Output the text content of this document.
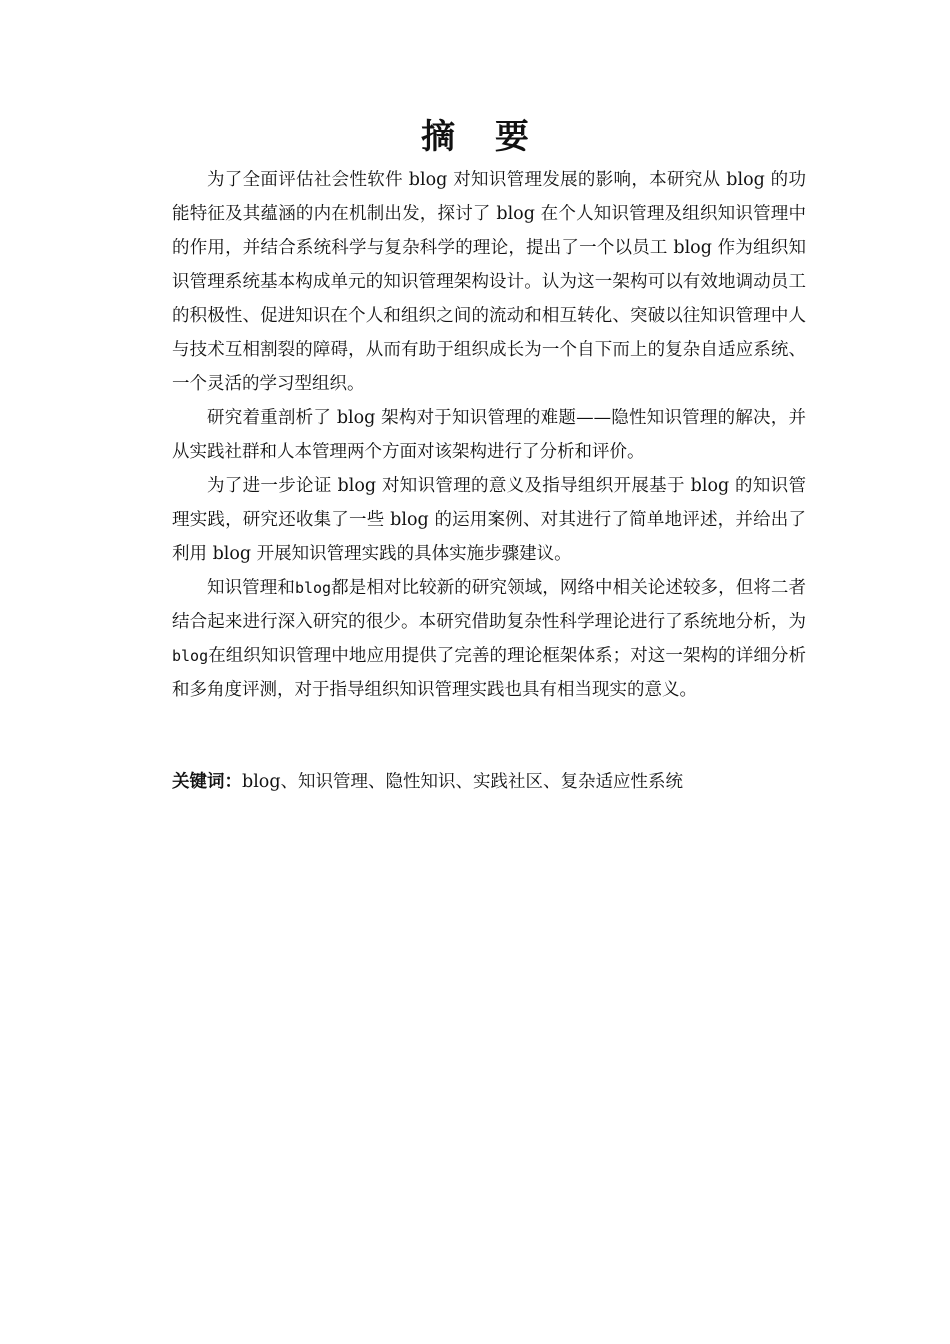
摘 要

为了全面评估社会性软件 blog 对知识管理发展的影响，本研究从 blog 的功能特征及其蕴涵的内在机制出发，探讨了 blog 在个人知识管理及组织知识管理中的作用，并结合系统科学与复杂科学的理论，提出了一个以员工 blog 作为组织知识管理系统基本构成单元的知识管理架构设计。认为这一架构可以有效地调动员工的积极性、促进知识在个人和组织之间的流动和相互转化、突破以往知识管理中人与技术互相割裂的障碍，从而有助于组织成长为一个自下而上的复杂自适应系统、一个灵活的学习型组织。

研究着重剖析了 blog 架构对于知识管理的难题——隐性知识管理的解决，并从实践社群和人本管理两个方面对该架构进行了分析和评价。

为了进一步论证 blog 对知识管理的意义及指导组织开展基于 blog 的知识管理实践，研究还收集了一些 blog 的运用案例、对其进行了简单地评述，并给出了利用 blog 开展知识管理实践的具体实施步骤建议。

知识管理和blog都是相对比较新的研究领域，网络中相关论述较多，但将二者结合起来进行深入研究的很少。本研究借助复杂性科学理论进行了系统地分析，为blog在组织知识管理中地应用提供了完善的理论框架体系；对这一架构的详细分析和多角度评测，对于指导组织知识管理实践也具有相当现实的意义。

关键词：blog、知识管理、隐性知识、实践社区、复杂适应性系统
